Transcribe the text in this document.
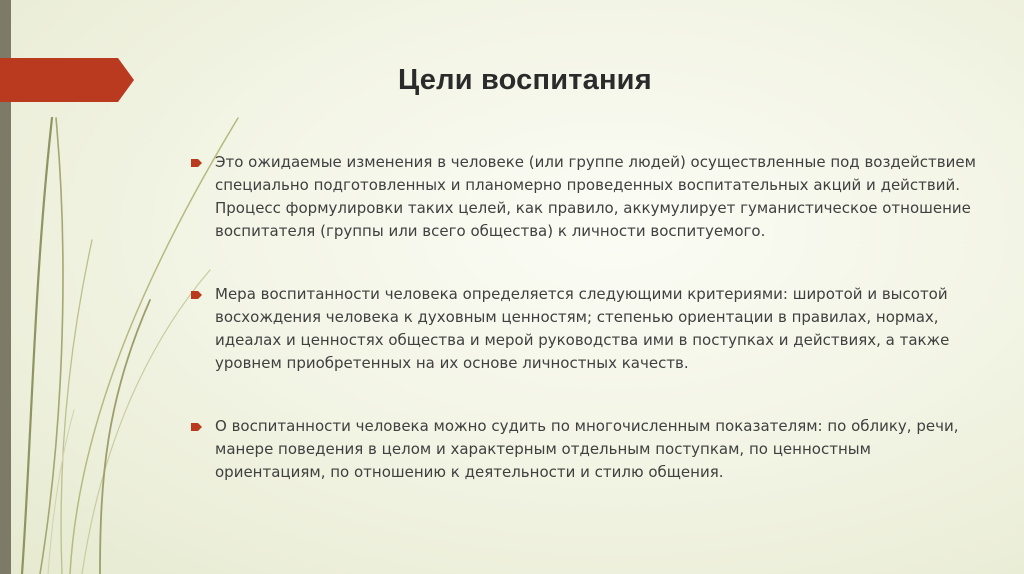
Цели воспитания
Это ожидаемые изменения в человеке (или группе людей) осуществленные под воздействием специально подготовленных и планомерно проведенных воспитательных акций и действий. Процесс формулировки таких целей, как правило, аккумулирует гуманистическое отношение воспитателя (группы или всего общества) к личности воспитуемого.
Мера воспитанности человека определяется следующими критериями: широтой и высотой восхождения человека к духовным ценностям; степенью ориентации в правилах, нормах, идеалах и ценностях общества и мерой руководства ими в поступках и действиях, а также уровнем приобретенных на их основе личностных качеств.
О воспитанности человека можно судить по многочисленным показателям: по облику, речи, манере поведения в целом и характерным отдельным поступкам, по ценностным ориентациям, по отношению к деятельности и стилю общения.
